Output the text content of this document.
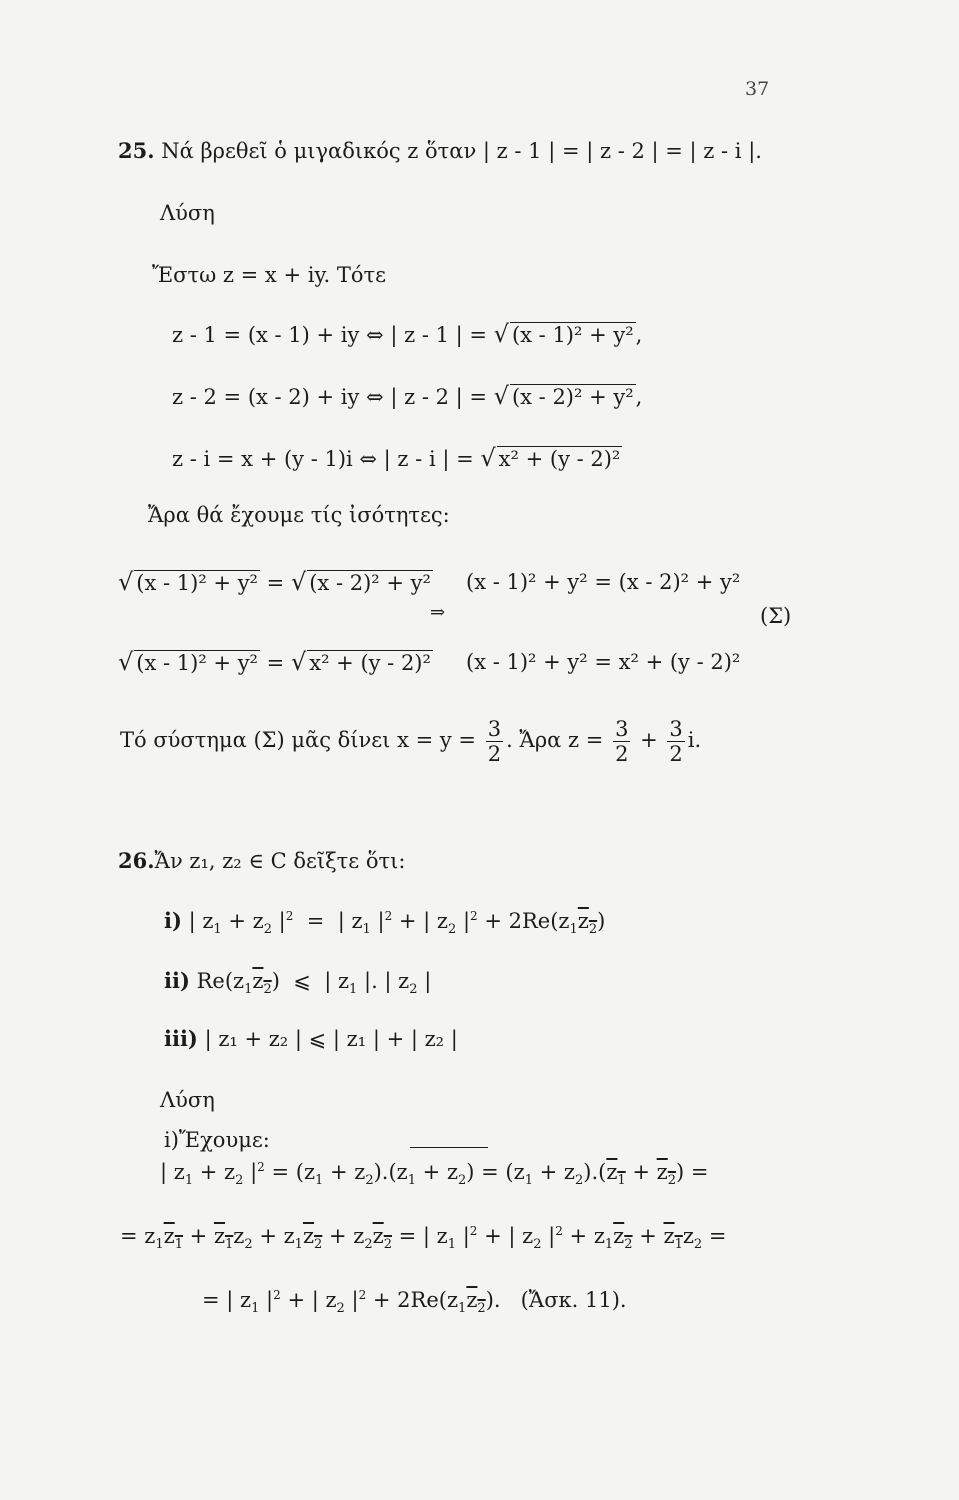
37
25. Νά βρεθεῖ ὁ μιγαδικός z ὅταν | z - 1 | = | z - 2 | = | z - i |.
Λύση
Ἔστω z = x + iy. Τότε
z - 1 = (x - 1) + iy ⇔ | z - 1 | = √ (x - 1)² + y²,
z - 2 = (x - 2) + iy ⇔ | z - 2 | = √ (x - 2)² + y²,
z - i = x + (y - 1)i ⇔ | z - i | = √ x² + (y - 2)²
Ἄρα θά ἔχουμε τίς ἰσότητες:
√ (x - 1)² + y² = √ (x - 2)² + y²
√ (x - 1)² + y² = √ x² + (y - 2)²
(x - 1)² + y² = (x - 2)² + y²
⇒	(Σ)
(x - 1)² + y² = x² + (y - 2)²
Τό σύστημα (Σ) μᾶς δίνει $x = y = \frac{3}{2}$ . Ἄρα $z = \frac{3}{2} + \frac{3}{2} i$.
26.Ἄν z₁, z₂ ∈ C δεῖξτε ὅτι:
i) | $z_1 + z_2$ $|^2$  =  | $z_1$ $|^2$ + | $z_2$ $|^2 + 2Re(z_1z_2)$
ii) $Re(z_1z_2)$  ⩽  | $z_1$ |. | $z_2$ |
iii) | z₁ + z₂ | ⩽ | z₁ | + | z₂ |
Λύση
i)Ἔχουμε:
| $z_1 + z_2$ $|^2 = (z_1 + z_2).(z_1 + z_2) = (z_1 + z_2).(z_1 + z_2)$ =
= $z_1z_1 + z_1z_2 + z_1z_2 + z_2z_2$ = | $z_1$ $|^2$ + | $z_2$ $|^2 + z_1z_2 + z_1z_2$ =
= | $z_1$ $|^2$ + | $z_2$ $|^2 + 2Re(z_1z_2)$.   (Ἄσκ. 11).
